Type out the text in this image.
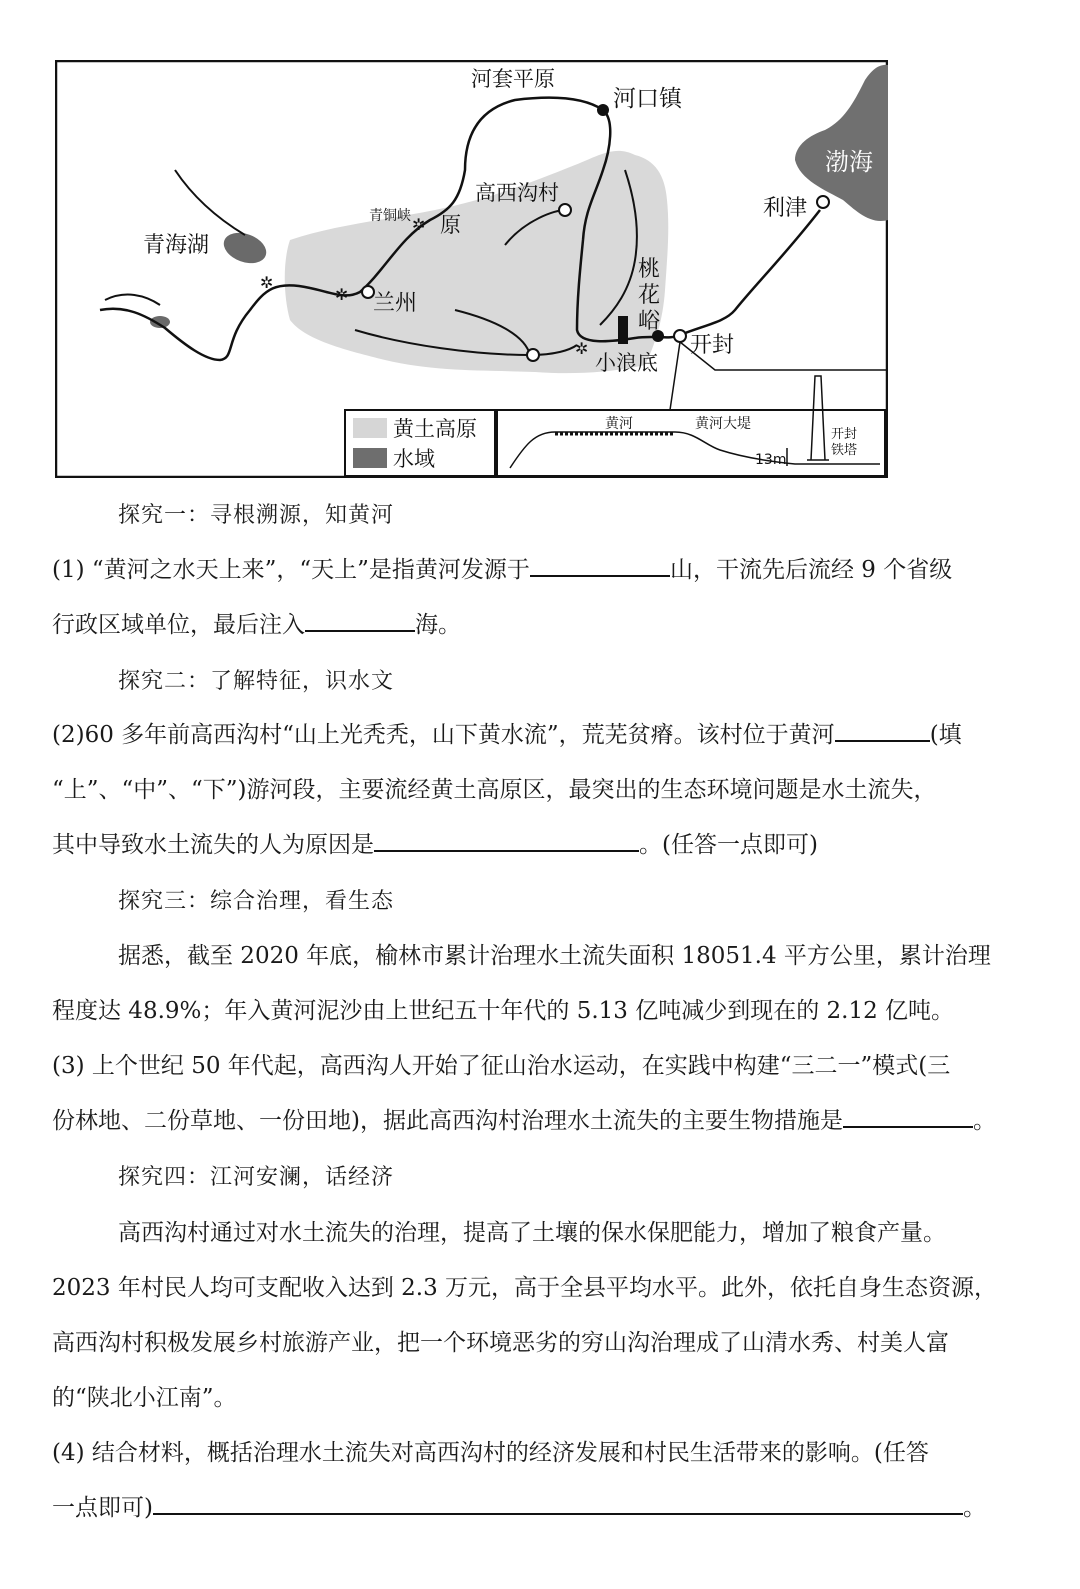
✲
✲
✲
✲
河套平原
河口镇
渤海
利津
青海湖
青铜峡 原
高西沟村
兰州
开封
小浪底
桃
花
峪
黄土高原
水域
黄河	黄河大堤
13m
开封
铁塔
探究一：寻根溯源，知黄河

(1) “黄河之水天上来”，“天上”是指黄河发源于	山，干流先后流经 9 个省级

行政区域单位，最后注入	海。

探究二：了解特征，识水文

(2)60 多年前高西沟村“山上光秃秃，山下黄水流”，荒芜贫瘠。该村位于黄河	(填

“上”、“中”、“下”)游河段，主要流经黄土高原区，最突出的生态环境问题是水土流失，

其中导致水土流失的人为原因是	。(任答一点即可)

探究三：综合治理，看生态

据悉，截至 2020 年底，榆林市累计治理水土流失面积 18051.4 平方公里，累计治理

程度达 48.9%；年入黄河泥沙由上世纪五十年代的 5.13 亿吨减少到现在的 2.12 亿吨。

(3) 上个世纪 50 年代起，高西沟人开始了征山治水运动，在实践中构建“三二一”模式(三

份林地、二份草地、一份田地)，据此高西沟村治理水土流失的主要生物措施是	。

探究四：江河安澜，话经济

高西沟村通过对水土流失的治理，提高了土壤的保水保肥能力，增加了粮食产量。

2023 年村民人均可支配收入达到 2.3 万元，高于全县平均水平。此外，依托自身生态资源，

高西沟村积极发展乡村旅游产业，把一个环境恶劣的穷山沟治理成了山清水秀、村美人富

的“陕北小江南”。

(4) 结合材料，概括治理水土流失对高西沟村的经济发展和村民生活带来的影响。(任答

一点即可)	。
